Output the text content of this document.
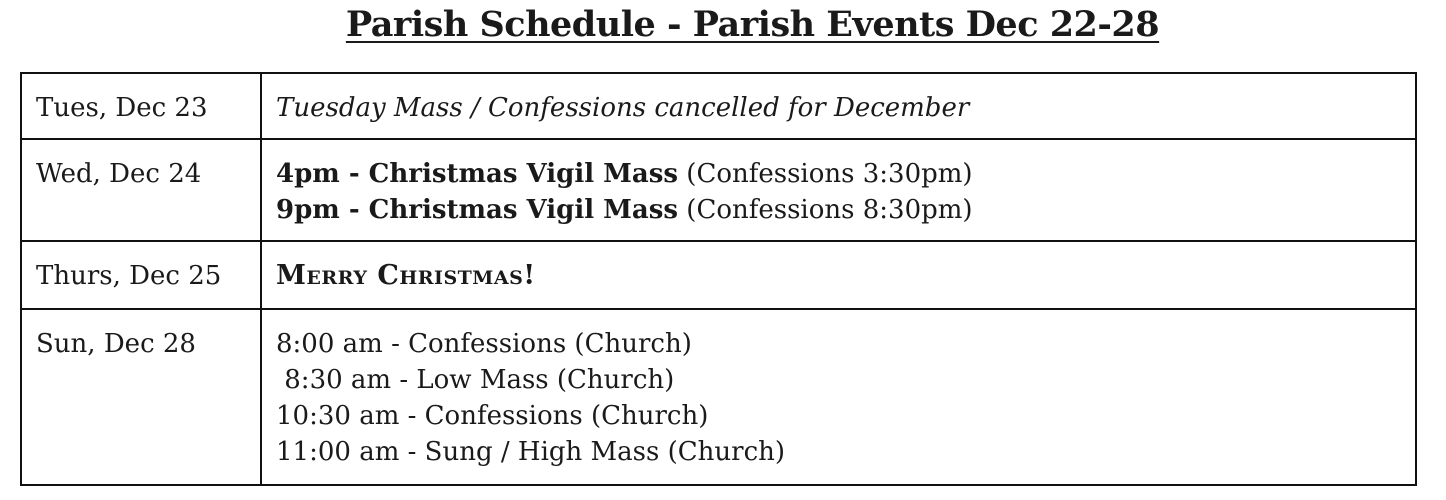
Parish Schedule - Parish Events Dec 22-28
Tues, Dec 23	Tuesday Mass / Confessions cancelled for December

Wed, Dec 24	4pm - Christmas Vigil Mass (Confessions 3:30pm)
9pm - Christmas Vigil Mass (Confessions 8:30pm)

Thurs, Dec 25	Merry Christmas!

Sun, Dec 28	8:00 am - Confessions (Church)
8:30 am - Low Mass (Church)
10:30 am - Confessions (Church)
11:00 am - Sung / High Mass (Church)
